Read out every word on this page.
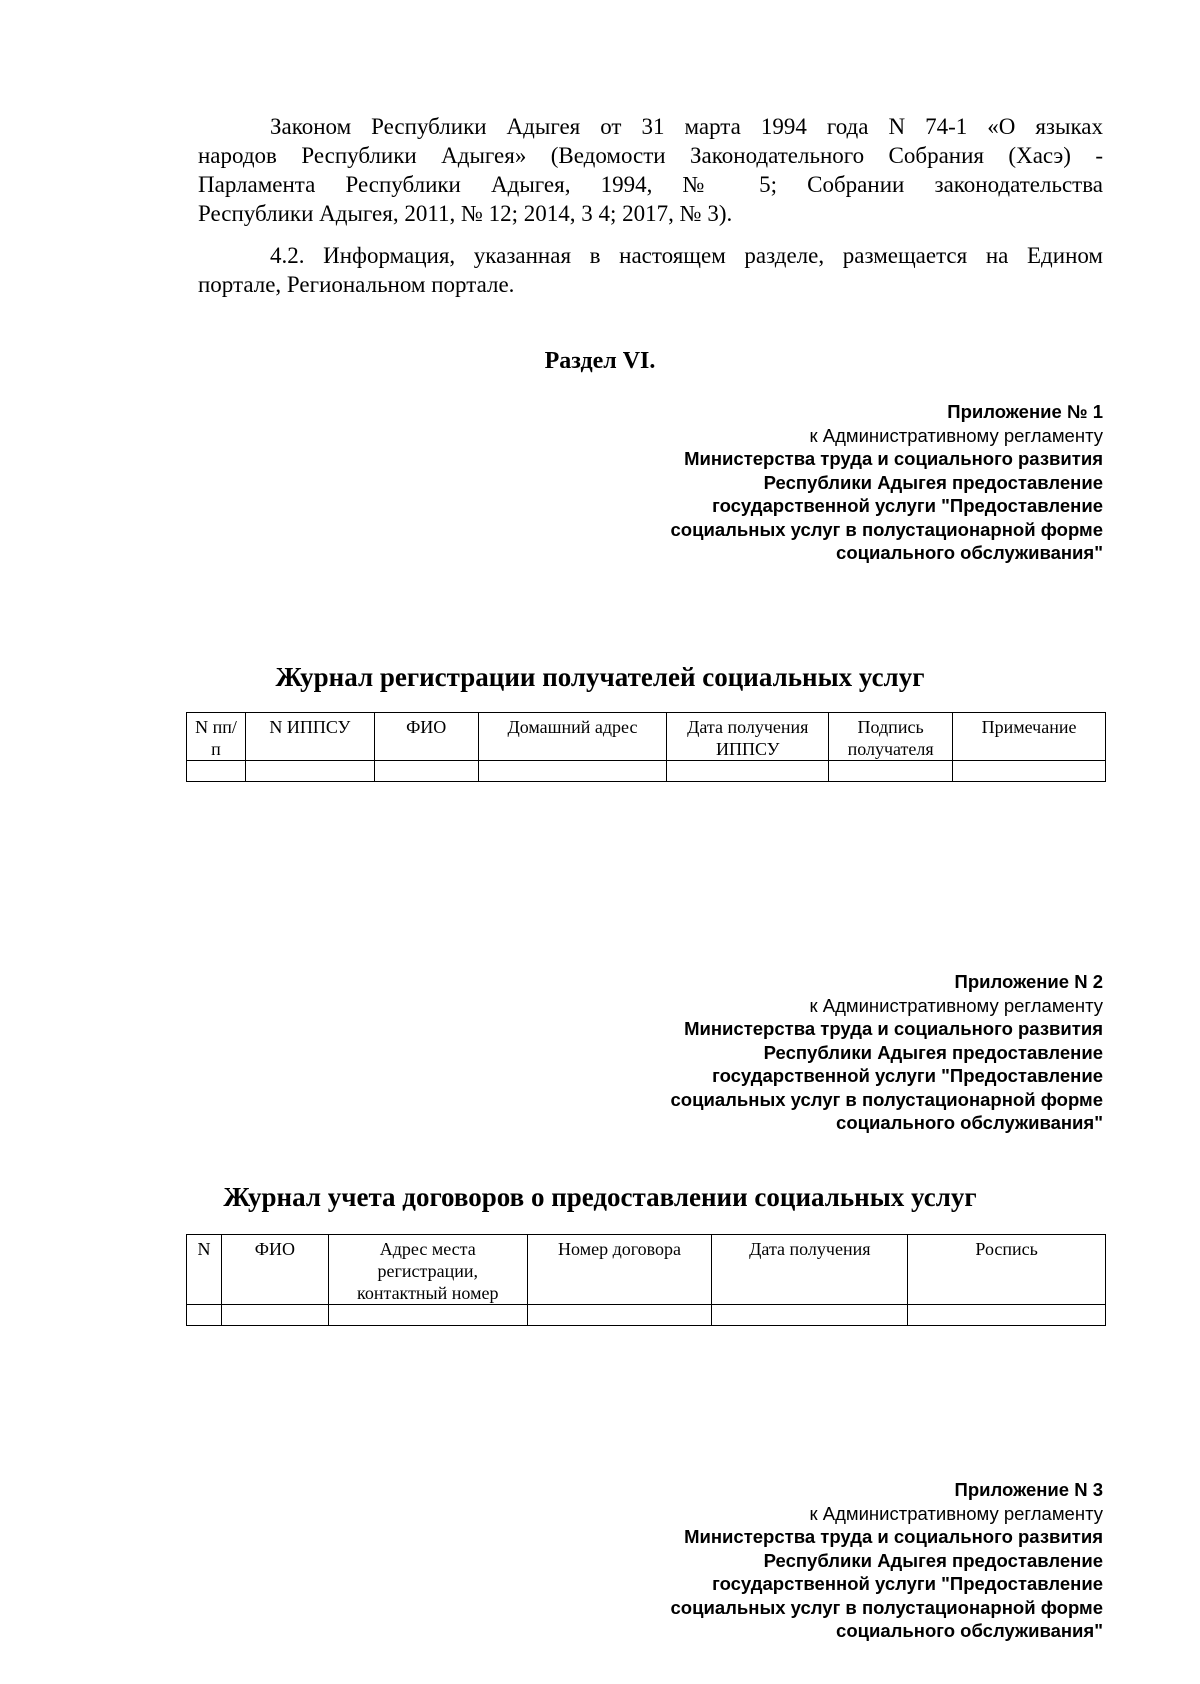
Законом Республики Адыгея от 31 марта 1994 года N 74-1 «О языках
народов Республики Адыгея» (Ведомости Законодательного Собрания (Хасэ) -
Парламента Республики Адыгея, 1994, № 5; Собрании законодательства
Республики Адыгея, 2011, № 12; 2014, 3 4; 2017, № 3).
4.2. Информация, указанная в настоящем разделе, размещается на Едином
портале, Региональном портале.
Раздел VI.
Приложение № 1
к Административному регламенту
Министерства труда и социального развития
Республики Адыгея предоставление
государственной услуги "Предоставление
социальных услуг в полустационарной форме
социального обслуживания"
Журнал регистрации получателей социальных услуг
N пп/ п	N ИППСУ	ФИО	Домашний адрес	Дата получения ИППСУ	Подпись получателя	Примечание

Приложение N 2
к Административному регламенту
Министерства труда и социального развития
Республики Адыгея предоставление
государственной услуги "Предоставление
социальных услуг в полустационарной форме
социального обслуживания"
Журнал учета договоров о предоставлении социальных услуг
N	ФИО	Адрес места регистрации, контактный номер	Номер договора	Дата получения	Роспись

Приложение N 3
к Административному регламенту
Министерства труда и социального развития
Республики Адыгея предоставление
государственной услуги "Предоставление
социальных услуг в полустационарной форме
социального обслуживания"
